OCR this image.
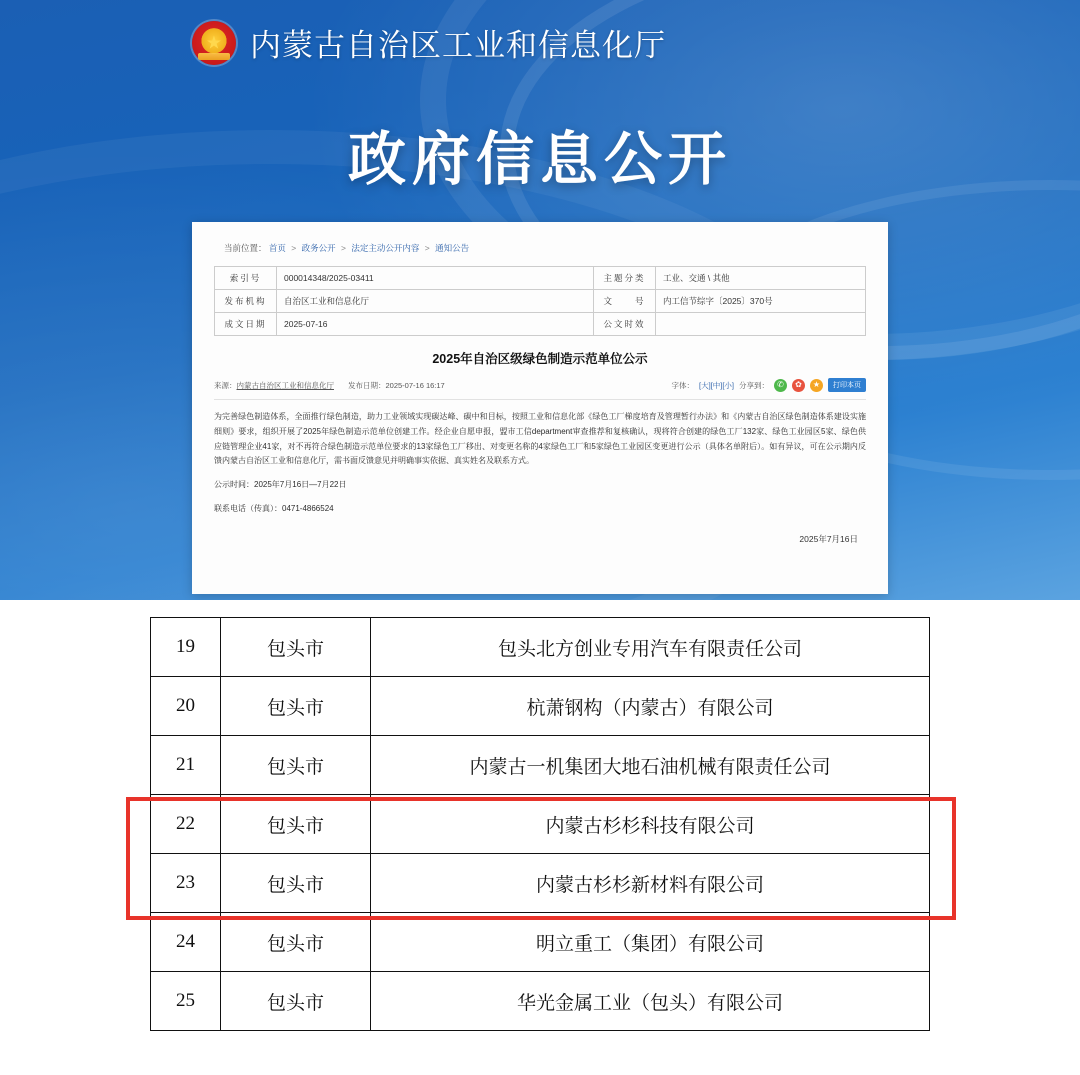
★
内蒙古自治区工业和信息化厅
政府信息公开
当前位置： 首页 > 政务公开 > 法定主动公开内容 > 通知公告
索引号	000014348/2025-03411	主题分类	工业、交通 \ 其他
发布机构	自治区工业和信息化厅	文　　号	内工信节综字〔2025〕370号
成文日期	2025-07-16	公文时效	
2025年自治区级绿色制造示范单位公示
来源：内蒙古自治区工业和信息化厅 发布日期：2025-07-16 16:17	字体： [大][中][小] 分享到：	✆	✿	★	打印本页
为完善绿色制造体系，全面推行绿色制造，助力工业领域实现碳达峰、碳中和目标，按照工业和信息化部《绿色工厂梯度培育及管理暂行办法》和《内蒙古自治区绿色制造体系建设实施细则》要求，组织开展了2025年绿色制造示范单位创建工作。经企业自愿申报，盟市工信department审查推荐和复核确认，现将符合创建的绿色工厂132家、绿色工业园区5家、绿色供应链管理企业41家，对不再符合绿色制造示范单位要求的13家绿色工厂移出、对变更名称的4家绿色工厂和5家绿色工业园区变更进行公示（具体名单附后）。如有异议，可在公示期内反馈内蒙古自治区工业和信息化厅，需书面反馈意见并明确事实依据、真实姓名及联系方式。
公示时间：2025年7月16日—7月22日
联系电话（传真）：0471-4866524
2025年7月16日
19	包头市	包头北方创业专用汽车有限责任公司
20	包头市	杭萧钢构（内蒙古）有限公司
21	包头市	内蒙古一机集团大地石油机械有限责任公司
22	包头市	内蒙古杉杉科技有限公司
23	包头市	内蒙古杉杉新材料有限公司
24	包头市	明立重工（集团）有限公司
25	包头市	华光金属工业（包头）有限公司
